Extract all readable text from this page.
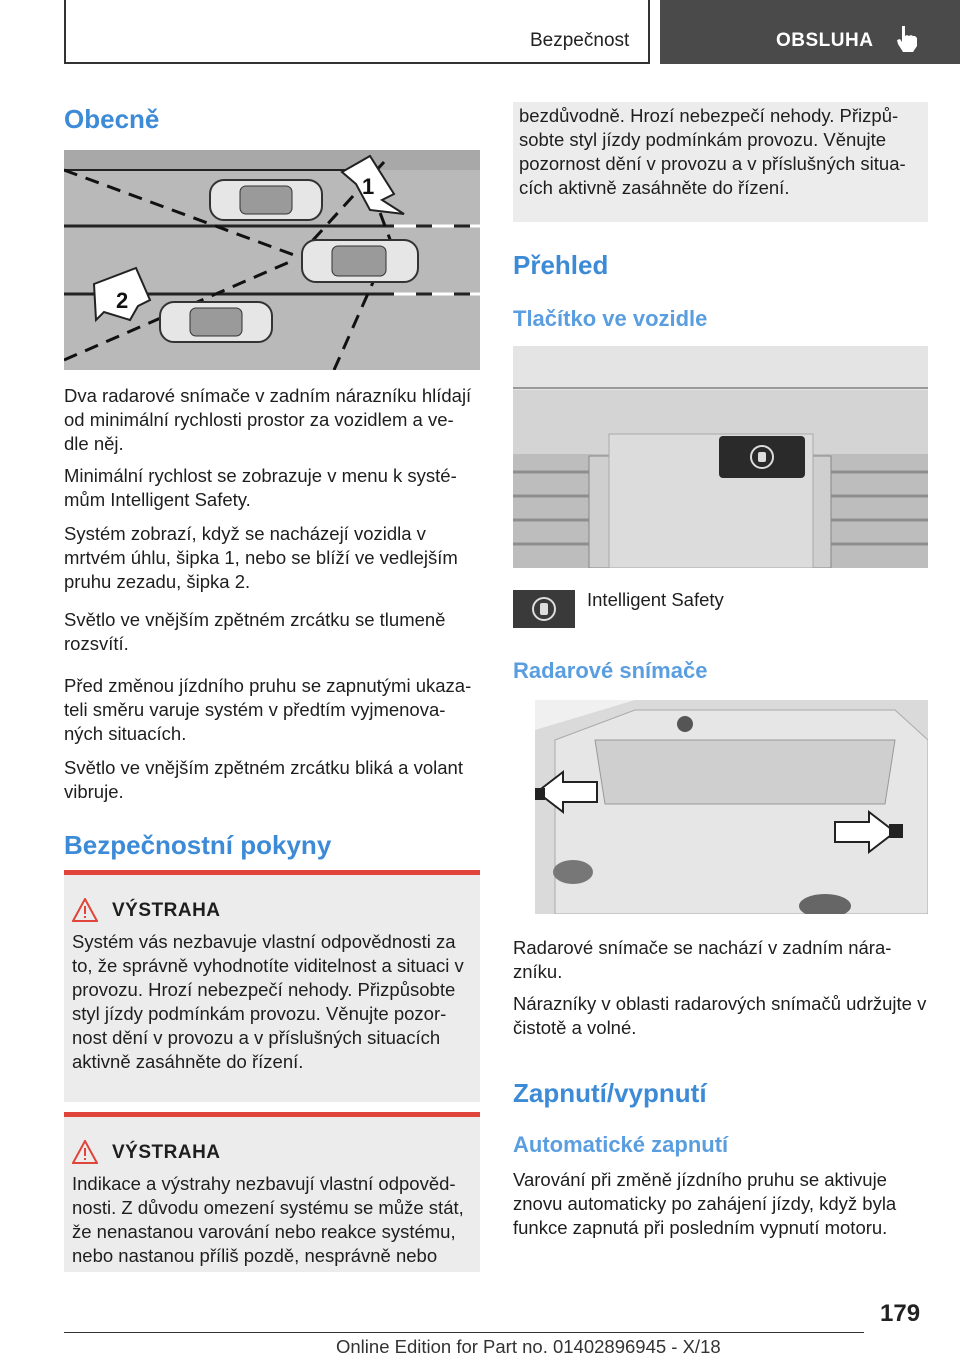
Bezpečnost	OBSLUHA
Obecně
1
2

Dva radarové snímače v zadním nárazníku hlídají od minimální rychlosti prostor za vozidlem a ve-dle něj.

Minimální rychlost se zobrazuje v menu k systé-mům Intelligent Safety.

Systém zobrazí, když se nacházejí vozidla v mrtvém úhlu, šipka 1, nebo se blíží ve vedlejším pruhu zezadu, šipka 2.

Světlo ve vnějším zpětném zrcátku se tlumeně rozsvítí.

Před změnou jízdního pruhu se zapnutými ukaza-teli směru varuje systém v předtím vyjmenova-ných situacích.

Světlo ve vnějším zpětném zrcátku bliká a volant vibruje.

Bezpečnostní pokyny
VÝSTRAHA
Systém vás nezbavuje vlastní odpovědnosti za to, že správně vyhodnotíte viditelnost a situaci v provozu. Hrozí nebezpečí nehody. Přizpůsobte styl jízdy podmínkám provozu. Věnujte pozor-nost dění v provozu a v příslušných situacích aktivně zasáhněte do řízení.
VÝSTRAHA
Indikace a výstrahy nezbavují vlastní odpověd-nosti. Z důvodu omezení systému se může stát, že nenastanou varování nebo reakce systému, nebo nastanou příliš pozdě, nesprávně nebo
bezdůvodně. Hrozí nebezpečí nehody. Přizpů-sobte styl jízdy podmínkám provozu. Věnujte pozornost dění v provozu a v příslušných situa-cích aktivně zasáhněte do řízení.
Přehled
Tlačítko ve vozidle
Intelligent Safety
Radarové snímače

Radarové snímače se nachází v zadním nára-zníku.

Nárazníky v oblasti radarových snímačů udržujte v čistotě a volné.

Zapnutí/vypnutí
Automatické zapnutí

Varování při změně jízdního pruhu se aktivuje znovu automaticky po zahájení jízdy, když byla funkce zapnutá při posledním vypnutí motoru.

179
Online Edition for Part no. 01402896945 - X/18
